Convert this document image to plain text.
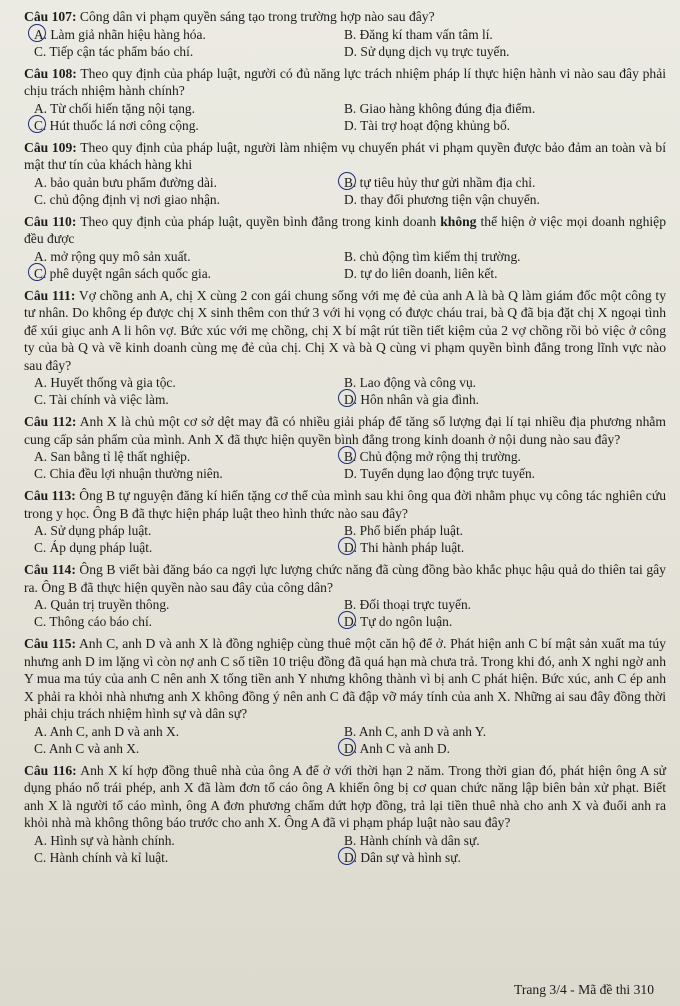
Câu 107: Công dân vi phạm quyền sáng tạo trong trường hợp nào sau đây?

A. Làm giả nhãn hiệu hàng hóa.	B. Đăng kí tham vấn tâm lí.
C. Tiếp cận tác phẩm báo chí.	D. Sử dụng dịch vụ trực tuyến.

Câu 108: Theo quy định của pháp luật, người có đủ năng lực trách nhiệm pháp lí thực hiện hành vi nào sau đây phải chịu trách nhiệm hành chính?

A. Từ chối hiến tặng nội tạng.	B. Giao hàng không đúng địa điểm.
C. Hút thuốc lá nơi công cộng.	D. Tài trợ hoạt động khủng bố.

Câu 109: Theo quy định của pháp luật, người làm nhiệm vụ chuyển phát vi phạm quyền được bảo đảm an toàn và bí mật thư tín của khách hàng khi

A. bảo quản bưu phẩm đường dài.	B. tự tiêu hủy thư gửi nhầm địa chỉ.
C. chủ động định vị nơi giao nhận.	D. thay đổi phương tiện vận chuyển.

Câu 110: Theo quy định của pháp luật, quyền bình đẳng trong kinh doanh không thể hiện ở việc mọi doanh nghiệp đều được

A. mở rộng quy mô sản xuất.	B. chủ động tìm kiếm thị trường.
C. phê duyệt ngân sách quốc gia.	D. tự do liên doanh, liên kết.

Câu 111: Vợ chồng anh A, chị X cùng 2 con gái chung sống với mẹ đẻ của anh A là bà Q làm giám đốc một công ty tư nhân. Do không ép được chị X sinh thêm con thứ 3 với hi vọng có được cháu trai, bà Q đã bịa đặt chị X ngoại tình để xúi giục anh A li hôn vợ. Bức xúc với mẹ chồng, chị X bí mật rút tiền tiết kiệm của 2 vợ chồng rồi bỏ việc ở công ty của bà Q và về kinh doanh cùng mẹ đẻ của chị. Chị X và bà Q cùng vi phạm quyền bình đẳng trong lĩnh vực nào sau đây?

A. Huyết thống và gia tộc.	B. Lao động và công vụ.
C. Tài chính và việc làm.	D. Hôn nhân và gia đình.

Câu 112: Anh X là chủ một cơ sở dệt may đã có nhiều giải pháp để tăng số lượng đại lí tại nhiều địa phương nhằm cung cấp sản phẩm của mình. Anh X đã thực hiện quyền bình đẳng trong kinh doanh ở nội dung nào sau đây?

A. San bằng tỉ lệ thất nghiệp.	B. Chủ động mở rộng thị trường.
C. Chia đều lợi nhuận thường niên.	D. Tuyển dụng lao động trực tuyến.

Câu 113: Ông B tự nguyện đăng kí hiến tặng cơ thể của mình sau khi ông qua đời nhằm phục vụ công tác nghiên cứu trong y học. Ông B đã thực hiện pháp luật theo hình thức nào sau đây?

A. Sử dụng pháp luật.	B. Phổ biến pháp luật.
C. Áp dụng pháp luật.	D. Thi hành pháp luật.

Câu 114: Ông B viết bài đăng báo ca ngợi lực lượng chức năng đã cùng đồng bào khắc phục hậu quả do thiên tai gây ra. Ông B đã thực hiện quyền nào sau đây của công dân?

A. Quản trị truyền thông.	B. Đối thoại trực tuyến.
C. Thông cáo báo chí.	D. Tự do ngôn luận.

Câu 115: Anh C, anh D và anh X là đồng nghiệp cùng thuê một căn hộ để ở. Phát hiện anh C bí mật sản xuất ma túy nhưng anh D im lặng vì còn nợ anh C số tiền 10 triệu đồng đã quá hạn mà chưa trả. Trong khi đó, anh X nghi ngờ anh Y mua ma túy của anh C nên anh X tống tiền anh Y nhưng không thành vì bị anh C phát hiện. Bức xúc, anh C ép anh X phải ra khỏi nhà nhưng anh X không đồng ý nên anh C đã đập vỡ máy tính của anh X. Những ai sau đây đồng thời phải chịu trách nhiệm hình sự và dân sự?

A. Anh C, anh D và anh X.	B. Anh C, anh D và anh Y.
C. Anh C và anh X.	D. Anh C và anh D.

Câu 116: Anh X kí hợp đồng thuê nhà của ông A để ở với thời hạn 2 năm. Trong thời gian đó, phát hiện ông A sử dụng pháo nổ trái phép, anh X đã làm đơn tố cáo ông A khiến ông bị cơ quan chức năng lập biên bản xử phạt. Biết anh X là người tố cáo mình, ông A đơn phương chấm dứt hợp đồng, trả lại tiền thuê nhà cho anh X và đuổi anh ra khỏi nhà mà không thông báo trước cho anh X. Ông A đã vi phạm pháp luật nào sau đây?

A. Hình sự và hành chính.	B. Hành chính và dân sự.
C. Hành chính và kỉ luật.	D. Dân sự và hình sự.
Trang 3/4 - Mã đề thi 310
